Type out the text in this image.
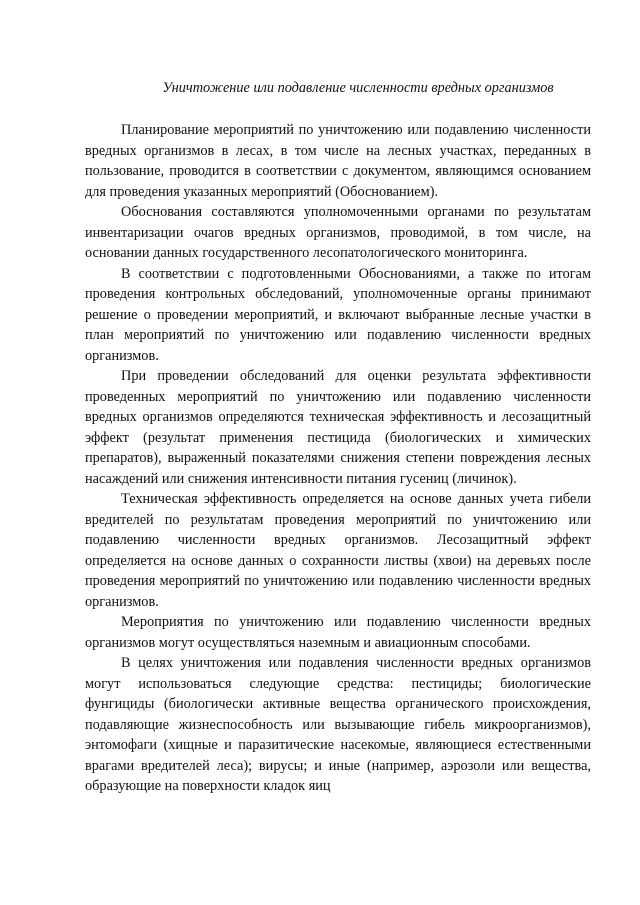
Уничтожение или подавление численности вредных организмов

Планирование мероприятий по уничтожению или подавлению численности вредных организмов в лесах, в том числе на лесных участках, переданных в пользование, проводится в соответствии с документом, являющимся основанием для проведения указанных мероприятий (Обоснованием).

Обоснования составляются уполномоченными органами по результатам инвентаризации очагов вредных организмов, проводимой, в том числе, на основании данных государственного лесопатологического мониторинга.

В соответствии с подготовленными Обоснованиями, а также по итогам проведения контрольных обследований, уполномоченные органы принимают решение о проведении мероприятий, и включают выбранные лесные участки в план мероприятий по уничтожению или подавлению численности вредных организмов.

При проведении обследований для оценки результата эффективности проведенных мероприятий по уничтожению или подавлению численности вредных организмов определяются техническая эффективность и лесозащитный эффект (результат применения пестицида (биологических и химических препаратов), выраженный показателями снижения степени повреждения лесных насаждений или снижения интенсивности питания гусениц (личинок).

Техническая эффективность определяется на основе данных учета гибели вредителей по результатам проведения мероприятий по уничтожению или подавлению численности вредных организмов. Лесозащитный эффект определяется на основе данных о сохранности листвы (хвои) на деревьях после проведения мероприятий по уничтожению или подавлению численности вредных организмов.

Мероприятия по уничтожению или подавлению численности вредных организмов могут осуществляться наземным и авиационным способами.

В целях уничтожения или подавления численности вредных организмов могут использоваться следующие средства: пестициды; биологические фунгициды (биологически активные вещества органического происхождения, подавляющие жизнеспособность или вызывающие гибель микроорганизмов), энтомофаги (хищные и паразитические насекомые, являющиеся естественными врагами вредителей леса); вирусы; и иные (например, аэрозоли или вещества, образующие на поверхности кладок яиц
